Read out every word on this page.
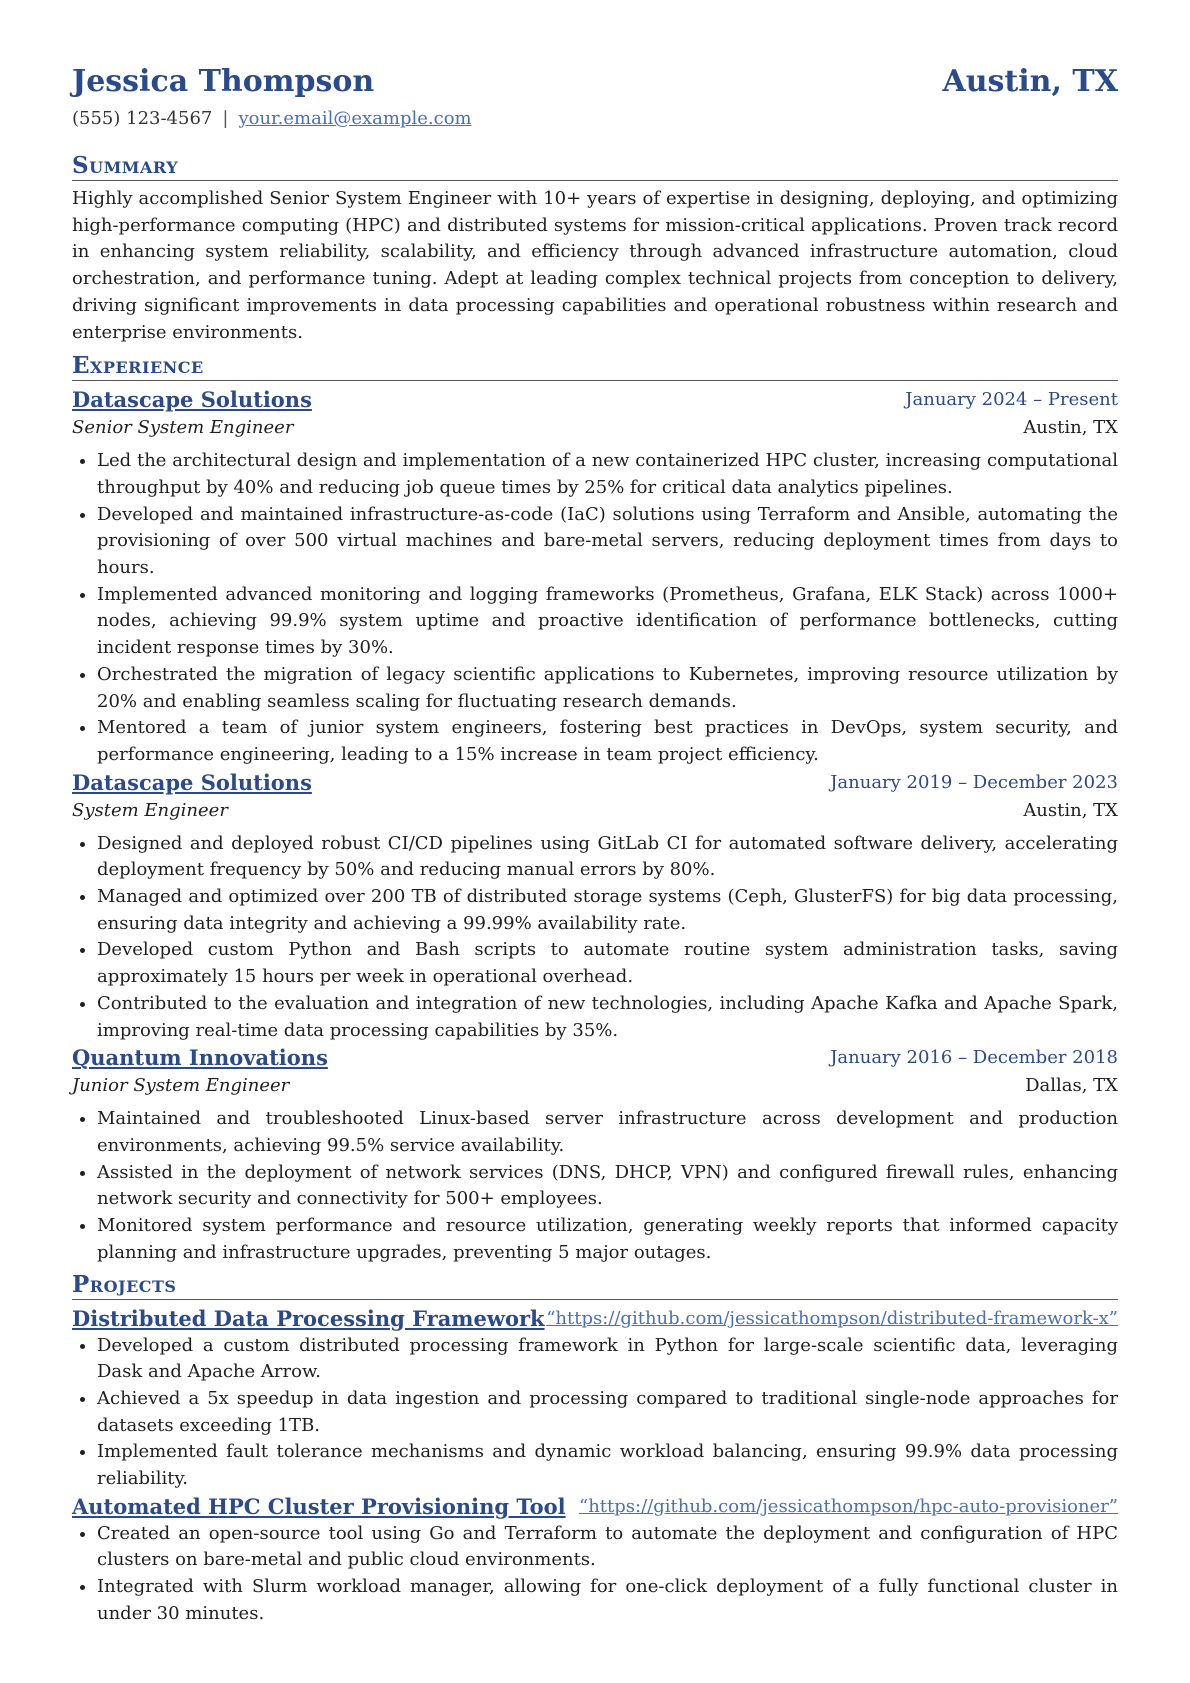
Jessica Thompson	Austin, TX
(555) 123-4567 | your.email@example.com
Summary
Highly accomplished Senior System Engineer with 10+ years of expertise in designing, deploying, and optimizing high-performance computing (HPC) and distributed systems for mission-critical applications. Proven track record in enhancing system reliability, scalability, and efficiency through advanced infrastructure automation, cloud orchestration, and performance tuning. Adept at leading complex technical projects from conception to delivery, driving significant improvements in data processing capabilities and operational robustness within research and enterprise environments.
Experience
Datascape Solutions	January 2024 – Present
Senior System Engineer	Austin, TX
• Led the architectural design and implementation of a new containerized HPC cluster, increasing computational throughput by 40% and reducing job queue times by 25% for critical data analytics pipelines.
• Developed and maintained infrastructure-as-code (IaC) solutions using Terraform and Ansible, automating the provisioning of over 500 virtual machines and bare-metal servers, reducing deployment times from days to hours.
• Implemented advanced monitoring and logging frameworks (Prometheus, Grafana, ELK Stack) across 1000+ nodes, achieving 99.9% system uptime and proactive identification of performance bottlenecks, cutting incident response times by 30%.
• Orchestrated the migration of legacy scientific applications to Kubernetes, improving resource utilization by 20% and enabling seamless scaling for fluctuating research demands.
• Mentored a team of junior system engineers, fostering best practices in DevOps, system security, and performance engineering, leading to a 15% increase in team project efficiency.
Datascape Solutions	January 2019 – December 2023
System Engineer	Austin, TX
• Designed and deployed robust CI/CD pipelines using GitLab CI for automated software delivery, accelerating deployment frequency by 50% and reducing manual errors by 80%.
• Managed and optimized over 200 TB of distributed storage systems (Ceph, GlusterFS) for big data processing, ensuring data integrity and achieving a 99.99% availability rate.
• Developed custom Python and Bash scripts to automate routine system administration tasks, saving approximately 15 hours per week in operational overhead.
• Contributed to the evaluation and integration of new technologies, including Apache Kafka and Apache Spark, improving real-time data processing capabilities by 35%.
Quantum Innovations	January 2016 – December 2018
Junior System Engineer	Dallas, TX
• Maintained and troubleshooted Linux-based server infrastructure across development and production environments, achieving 99.5% service availability.
• Assisted in the deployment of network services (DNS, DHCP, VPN) and configured firewall rules, enhancing network security and connectivity for 500+ employees.
• Monitored system performance and resource utilization, generating weekly reports that informed capacity planning and infrastructure upgrades, preventing 5 major outages.
Projects
Distributed Data Processing Framework “https://github.com/jessicathompson/distributed-framework-x”
• Developed a custom distributed processing framework in Python for large-scale scientific data, leveraging Dask and Apache Arrow.
• Achieved a 5x speedup in data ingestion and processing compared to traditional single-node approaches for datasets exceeding 1TB.
• Implemented fault tolerance mechanisms and dynamic workload balancing, ensuring 99.9% data processing reliability.
Automated HPC Cluster Provisioning Tool “https://github.com/jessicathompson/hpc-auto-provisioner”
• Created an open-source tool using Go and Terraform to automate the deployment and configuration of HPC clusters on bare-metal and public cloud environments.
• Integrated with Slurm workload manager, allowing for one-click deployment of a fully functional cluster in under 30 minutes.
